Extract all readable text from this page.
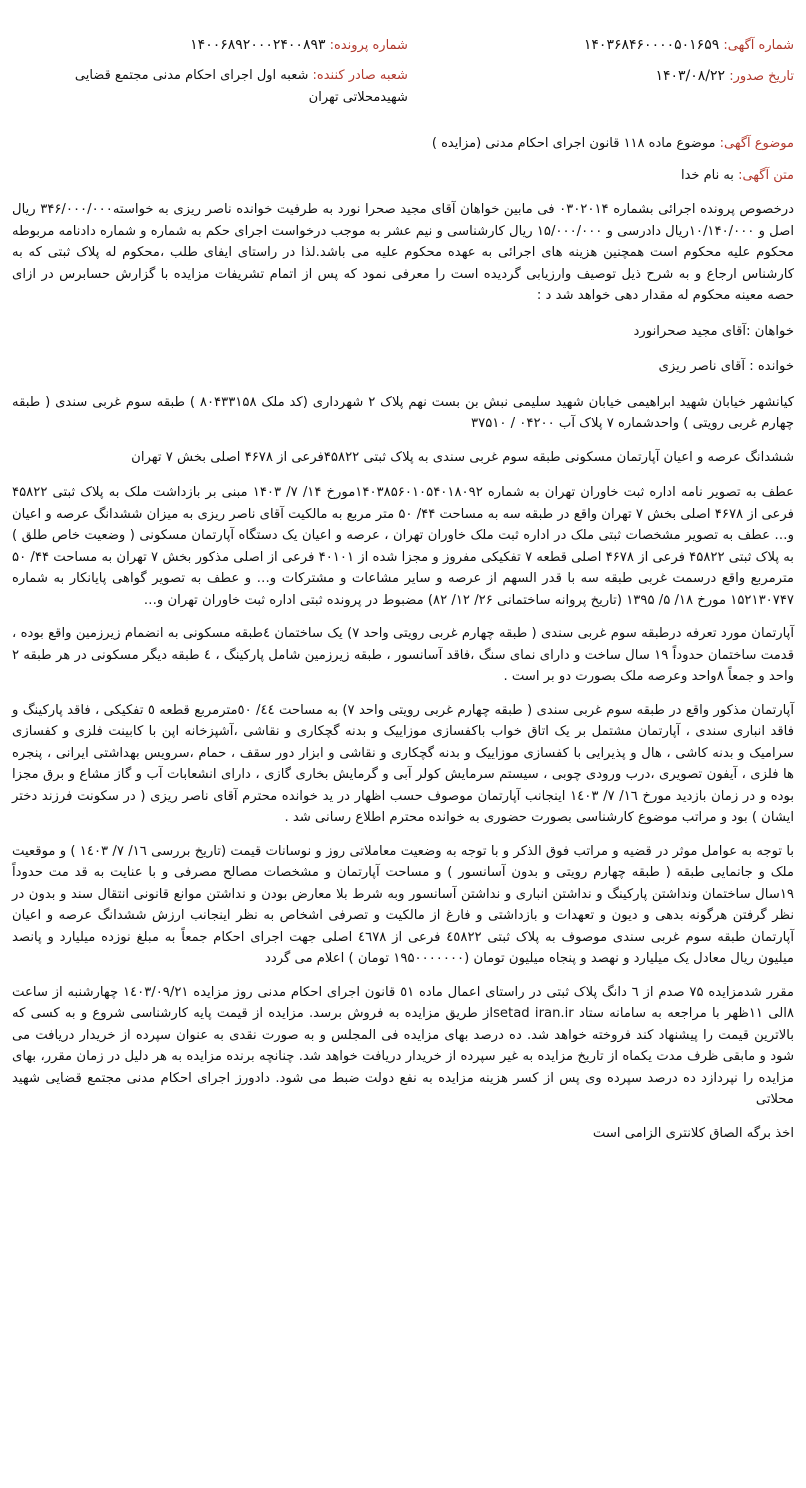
شماره آگهی: ۱۴۰۳۶۸۴۶۰۰۰۰۵۰۱۶۵۹
شماره پرونده: ۱۴۰۰۶۸۹۲۰۰۰۲۴۰۰۸۹۳
تاریخ صدور: ۱۴۰۳/۰۸/۲۲
شعبه صادر کننده: شعبه اول اجرای احکام مدنی مجتمع قضایی شهیدمحلاتی تهران
موضوع آگهی: موضوع ماده ۱۱۸ قانون اجرای احکام مدنی (مزایده )
متن آگهی: به نام خدا

درخصوص پرونده اجرائی بشماره ۰۳۰۲۰۱۴ فی مابین خواهان آقای مجید صحرا نورد به طرفیت خوانده ناصر ریزی به خواسته۳۴۶/۰۰۰/۰۰۰ ریال اصل و ۱۰/۱۴۰/۰۰۰ریال دادرسی و ۱۵/۰۰۰/۰۰۰ ریال کارشناسی و نیم عشر به موجب درخواست اجرای حکم به شماره و شماره دادنامه مربوطه محکوم علیه محکوم است همچنین هزینه های اجرائی به عهده محکوم علیه می باشد.لذا در راستای ایفای طلب ،محکوم له پلاک ثبتی که به کارشناس ارجاع و به شرح ذیل توصیف وارزیابی گردیده است را معرفی نمود که پس از اتمام تشریفات مزایده با گزارش حسابرس در ازای حصه معینه محکوم له مقدار دهی خواهد شد د :

خواهان :آقای مجید صحرانورد

خوانده : آقای ناصر ریزی

کیانشهر خیابان شهید ابراهیمی خیابان شهید سلیمی نبش بن بست نهم پلاک ۲ شهرداری (کد ملک ۸۰۴۳۳۱۵۸ ) طبقه سوم غربی سندی ( طبقه چهارم غربی رویتی ) واحدشماره ۷ پلاک آب ۰۴۲۰۰ / ۳۷۵۱۰

ششدانگ عرصه و اعیان آپارتمان مسکونی طبقه سوم غربی سندی به پلاک ثبتی ۴۵۸۲۲فرعی از ۴۶۷۸ اصلی بخش ۷ تهران

عطف به تصویر نامه اداره ثبت خاوران تهران به شماره ۱۴۰۳۸۵۶۰۱۰۵۴۰۱۸۰۹۲مورخ ۱۴/ ۷/ ۱۴۰۳ مبنی بر بازداشت ملک به پلاک ثبتی ۴۵۸۲۲ فرعی از ۴۶۷۸ اصلی بخش ۷ تهران واقع در طبقه سه به مساحت ۴۴/ ۵۰ متر مربع به مالکیت آقای ناصر ریزی به میزان ششدانگ عرصه و اعیان و… عطف به تصویر مشخصات ثبتی ملک در اداره ثبت ملک خاوران تهران ، عرصه و اعیان یک دستگاه آپارتمان مسکونی ( وضعیت خاص طلق ) به پلاک ثبتی ۴۵۸۲۲ فرعی از ۴۶۷۸ اصلی قطعه ۷ تفکیکی مفروز و مجزا شده از ۴۰۱۰۱ فرعی از اصلی مذکور بخش ۷ تهران به مساحت ۴۴/ ۵۰ مترمربع واقع درسمت غربی طبقه سه با قدر السهم از عرصه و سایر مشاعات و مشترکات و… و عطف به تصویر گواهی پایانکار به شماره ۱۵۲۱۳۰۷۴۷ مورخ ۱۸/ ۵/ ۱۳۹۵ (تاریخ پروانه ساختمانی ۲۶/ ۱۲/ ۸۲) مضبوط در پرونده ثبتی اداره ثبت خاوران تهران و…

آپارتمان مورد تعرفه درطبقه سوم غربی سندی ( طبقه چهارم غربی رویتی واحد ۷) یک ساختمان ٤طبقه مسکونی به انضمام زیرزمین واقع بوده ، قدمت ساختمان حدوداً ۱۹ سال ساخت و دارای نمای سنگ ،فاقد آسانسور ، طبقه زیرزمین شامل پارکینگ ، ٤ طبقه دیگر مسکونی در هر طبقه ۲ واحد و جمعاً ۸واحد وعرصه ملک بصورت دو بر است .

آپارتمان مذکور واقع در طبقه سوم غربی سندی ( طبقه چهارم غربی رویتی واحد ۷) به مساحت ٤٤/ ٥٠مترمربع قطعه ٥ تفکیکی ، فاقد پارکینگ و فاقد انباری سندی ، آپارتمان مشتمل بر یک اتاق خواب باکفسازی موزاییک و بدنه گچکاری و نقاشی ،آشپزخانه اپن با کابینت فلزی و کفسازی سرامیک و بدنه کاشی ، هال و پذیرایی با کفسازی موزاییک و بدنه گچکاری و نقاشی و ابزار دور سقف ، حمام ،سرویس بهداشتی ایرانی ، پنجره ها فلزی ، آیفون تصویری ،درب ورودی چوبی ، سیستم سرمایش کولر آبی و گرمایش بخاری گازی ، دارای انشعابات آب و گاز مشاع و برق مجزا بوده و در زمان بازدید مورخ ۱٦/ ۷/ ۱٤۰۳ اینجانب آپارتمان موصوف حسب اظهار در ید خوانده محترم آقای ناصر ریزی ( در سکونت فرزند دختر ایشان ) بود و مراتب موضوع کارشناسی بصورت حضوری به خوانده محترم اطلاع رسانی شد .

با توجه به عوامل موثر در قضیه و مراتب فوق الذکر و با توجه به وضعیت معاملاتی روز و نوسانات قیمت (تاریخ بررسی ۱٦/ ۷/ ۱٤۰۳ ) و موقعیت ملک و جانمایی طبقه ( طبقه چهارم رویتی و بدون آسانسور ) و مساحت آپارتمان و مشخصات مصالح مصرفی و با عنایت به قد مت حدوداً ۱۹سال ساختمان ونداشتن پارکینگ و نداشتن انباری و نداشتن آسانسور وبه شرط بلا معارض بودن و نداشتن موانع قانونی انتقال سند و بدون در نظر گرفتن هرگونه بدهی و دیون و تعهدات و بازداشتی و فارغ از مالکیت و تصرفی اشخاص به نظر اینجانب ارزش ششدانگ عرصه و اعیان آپارتمان طبقه سوم غربی سندی موصوف به پلاک ثبتی ٤٥٨٢٢ فرعی از ٤٦٧٨ اصلی جهت اجرای احکام جمعاً به مبلغ نوزده میلیارد و پانصد میلیون ریال معادل یک میلیارد و نهصد و پنجاه میلیون تومان (۱۹۵۰۰۰۰۰۰۰ تومان ) اعلام می گردد

مقرر شدمزایده ۷۵ صدم از ٦ دانگ پلاک ثبتی در راستای اعمال ماده ٥۱ قانون اجرای احکام مدنی روز مزایده ۱٤۰۳/۰۹/۲۱ چهارشنبه از ساعت ۸الی ۱۱ظهر با مراجعه به سامانه ستاد setad iran.irاز طریق مزایده به فروش برسد. مزایده از قیمت پایه کارشناسی شروع و به کسی که بالاترین قیمت را پیشنهاد کند فروخته خواهد شد. ده درصد بهای مزایده فی المجلس و به صورت نقدی به عنوان سپرده از خریدار دریافت می شود و مابقی ظرف مدت یکماه از تاریخ مزایده به غیر سپرده از خریدار دریافت خواهد شد. چنانچه برنده مزایده به هر دلیل در زمان مقرر، بهای مزایده را نپردازد ده درصد سپرده وی پس از کسر هزینه مزایده به نفع دولت ضبط می شود. دادورز اجرای احکام مدنی مجتمع قضایی شهید محلاتی

اخذ برگه الصاق کلانتری الزامی است
